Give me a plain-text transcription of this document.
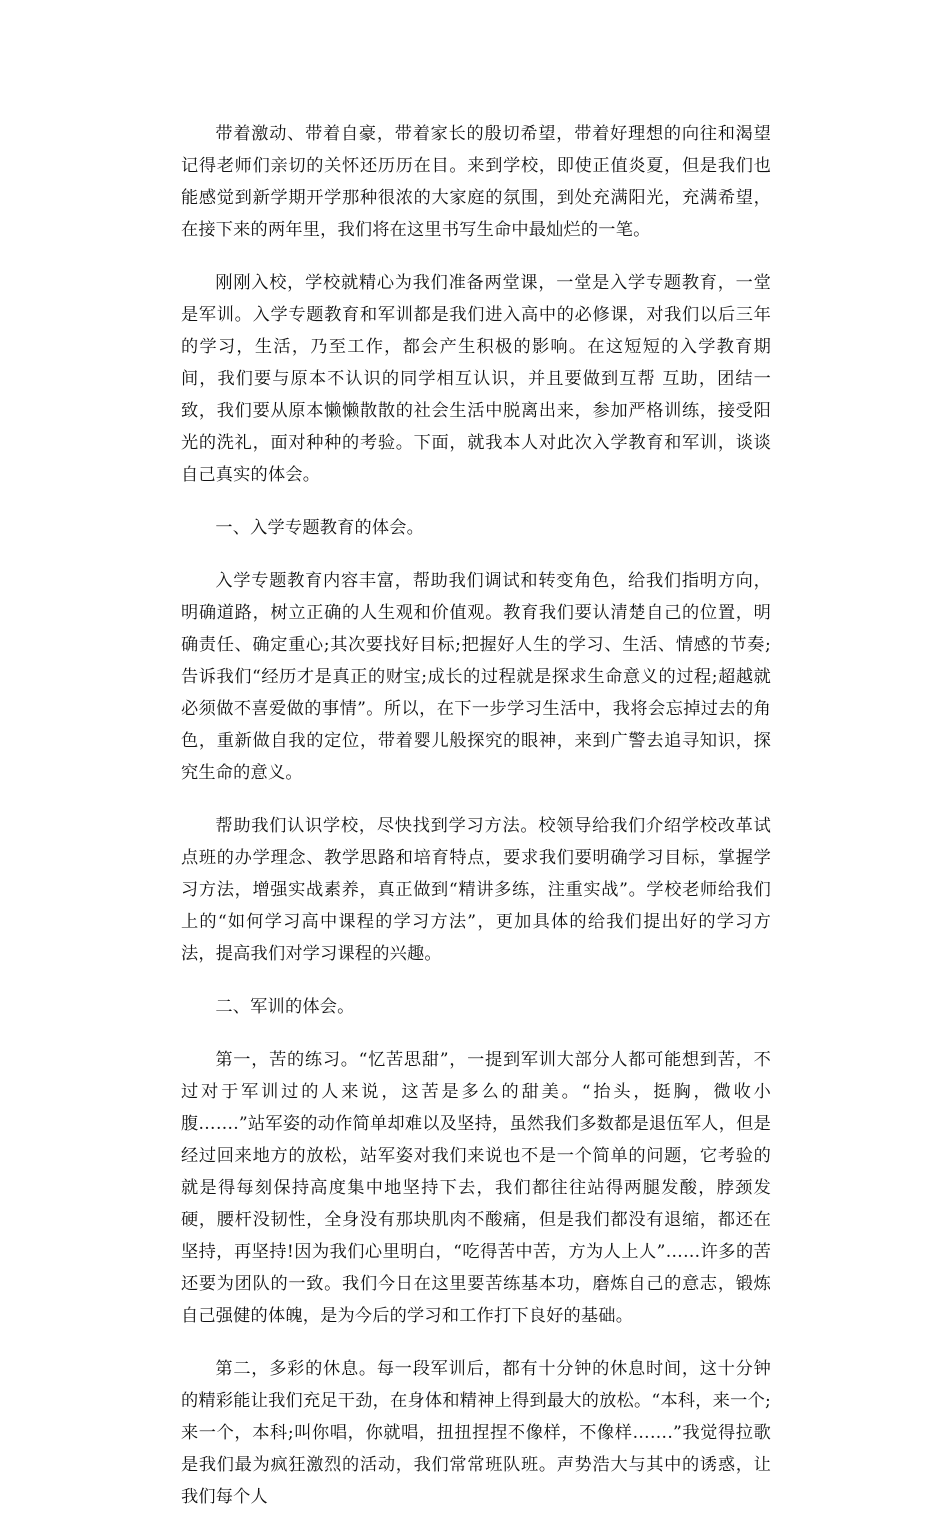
带着激动、带着自豪，带着家长的殷切希望，带着好理想的向往和渴望记得老师们亲切的关怀还历历在目。来到学校，即使正值炎夏，但是我们也能感觉到新学期开学那种很浓的大家庭的氛围，到处充满阳光，充满希望，在接下来的两年里，我们将在这里书写生命中最灿烂的一笔。

刚刚入校，学校就精心为我们准备两堂课，一堂是入学专题教育，一堂是军训。入学专题教育和军训都是我们进入高中的必修课，对我们以后三年的学习，生活，乃至工作，都会产生积极的影响。在这短短的入学教育期间，我们要与原本不认识的同学相互认识，并且要做到互帮 互助，团结一致，我们要从原本懒懒散散的社会生活中脱离出来，参加严格训练，接受阳光的洗礼，面对种种的考验。下面，就我本人对此次入学教育和军训，谈谈自己真实的体会。

一、入学专题教育的体会。

入学专题教育内容丰富，帮助我们调试和转变角色，给我们指明方向，明确道路，树立正确的人生观和价值观。教育我们要认清楚自己的位置，明确责任、确定重心;其次要找好目标;把握好人生的学习、生活、情感的节奏;告诉我们“经历才是真正的财宝;成长的过程就是探求生命意义的过程;超越就必须做不喜爱做的事情”。所以，在下一步学习生活中，我将会忘掉过去的角色，重新做自我的定位，带着婴儿般探究的眼神，来到广警去追寻知识，探究生命的意义。

帮助我们认识学校，尽快找到学习方法。校领导给我们介绍学校改革试点班的办学理念、教学思路和培育特点，要求我们要明确学习目标，掌握学习方法，增强实战素养，真正做到“精讲多练，注重实战”。学校老师给我们上的“如何学习高中课程的学习方法”，更加具体的给我们提出好的学习方法，提高我们对学习课程的兴趣。

二、军训的体会。

第一，苦的练习。“忆苦思甜”，一提到军训大部分人都可能想到苦，不过对于军训过的人来说，这苦是多么的甜美。“抬头，挺胸，微收小腹…….”站军姿的动作简单却难以及坚持，虽然我们多数都是退伍军人，但是经过回来地方的放松，站军姿对我们来说也不是一个简单的问题，它考验的就是得每刻保持高度集中地坚持下去，我们都往往站得两腿发酸，脖颈发硬，腰杆没韧性，全身没有那块肌肉不酸痛，但是我们都没有退缩，都还在坚持，再坚持!因为我们心里明白，“吃得苦中苦，方为人上人”……许多的苦还要为团队的一致。我们今日在这里要苦练基本功，磨炼自己的意志，锻炼自己强健的体魄，是为今后的学习和工作打下良好的基础。

第二，多彩的休息。每一段军训后，都有十分钟的休息时间，这十分钟的精彩能让我们充足干劲，在身体和精神上得到最大的放松。“本科，来一个;来一个，本科;叫你唱，你就唱，扭扭捏捏不像样，不像样…….”我觉得拉歌是我们最为疯狂激烈的活动，我们常常班队班。声势浩大与其中的诱惑，让我们每个人
